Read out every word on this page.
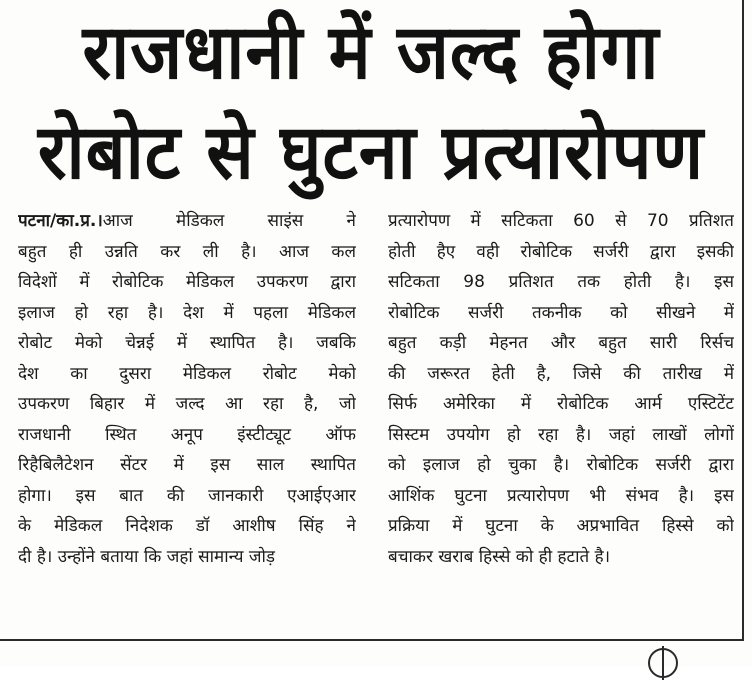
राजधानी में जल्द होगा
रोबोट से घुटना प्रत्यारोपण
पटना/का.प्र.।आज मेडिकल साइंस ने
बहुत ही उन्नति कर ली है। आज कल
विदेशों में रोबोटिक मेडिकल उपकरण द्वारा
इलाज हो रहा है। देश में पहला मेडिकल
रोबोट मेको चेन्नई में स्थापित है। जबकि
देश का दुसरा मेडिकल रोबोट मेको
उपकरण बिहार में जल्द आ रहा है, जो
राजधानी स्थित अनूप इंस्टीट्यूट ऑफ
रिहैबिलैटेशन सेंटर में इस साल स्थापित
होगा। इस बात की जानकारी एआईएआर
के मेडिकल निदेशक डॉ आशीष सिंह ने
दी है। उन्होंने बताया कि जहां सामान्य जोड़
प्रत्यारोपण में सटिकता 60 से 70 प्रतिशत
होती हैए वही रोबोटिक सर्जरी द्वारा इसकी
सटिकता 98 प्रतिशत तक होती है। इस
रोबोटिक सर्जरी तकनीक को सीखने में
बहुत कड़ी मेहनत और बहुत सारी रिर्सच
की जरूरत हेती है, जिसे की तारीख में
सिर्फ अमेरिका में रोबोटिक आर्म एस्टिटेंट
सिस्टम उपयोग हो रहा है। जहां लाखों लोगों
को इलाज हो चुका है। रोबोटिक सर्जरी द्वारा
आशिंक घुटना प्रत्यारोपण भी संभव है। इस
प्रक्रिया में घुटना के अप्रभावित हिस्से को
बचाकर खराब हिस्से को ही हटाते है।
